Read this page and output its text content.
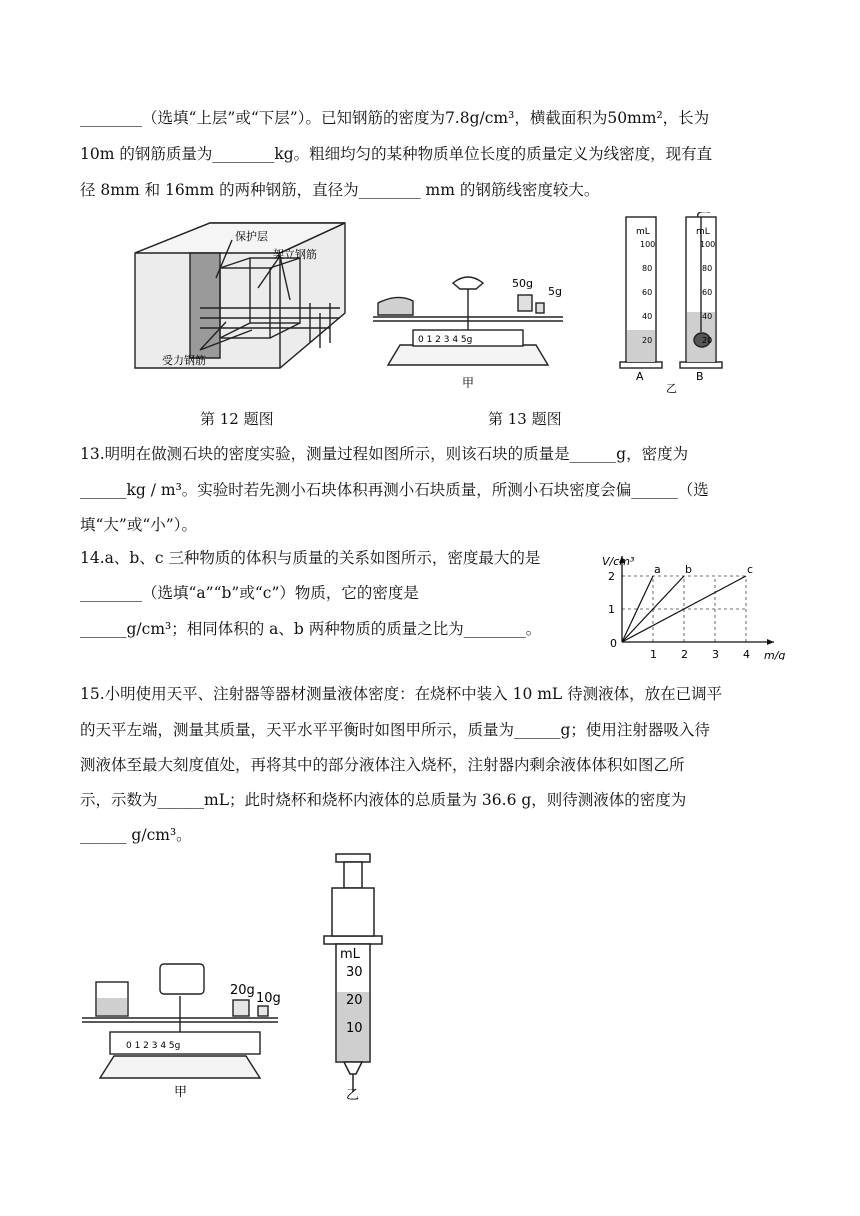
________（选填“上层”或“下层”）。已知钢筋的密度为7.8g/cm³，横截面积为50mm²，长为
10m 的钢筋质量为________kg。粗细均匀的某种物质单位长度的质量定义为线密度，现有直
径 8mm 和 16mm 的两种钢筋，直径为________ mm 的钢筋线密度较大。
保护层
架立钢筋
受力钢筋
50g
5g
0 1 2 3 4 5g
甲
mL
100
80
60
40
20
mL
100
80
60
40
20
A	B
乙
第 12 题图	第 13 题图
13.明明在做测石块的密度实验，测量过程如图所示，则该石块的质量是______g，密度为
______kg / m³。实验时若先测小石块体积再测小石块质量，所测小石块密度会偏______（选
填“大”或“小”）。
14.a、b、c 三种物质的体积与质量的关系如图所示，密度最大的是
________（选填“a”“b”或“c”）物质，它的密度是
______g/cm³；相同体积的 a、b 两种物质的质量之比为________。
m/g
V/cm³
0
1 2 3 4
1
2
a b	c
15.小明使用天平、注射器等器材测量液体密度：在烧杯中装入 10 mL 待测液体，放在已调平
的天平左端，测量其质量，天平水平平衡时如图甲所示，质量为______g；使用注射器吸入待
测液体至最大刻度值处，再将其中的部分液体注入烧杯，注射器内剩余液体体积如图乙所
示，示数为______mL；此时烧杯和烧杯内液体的总质量为 36.6 g，则待测液体的密度为
______ g/cm³。
20g
10g
0 1 2 3 4 5g
甲
mL
30
20
10
乙
